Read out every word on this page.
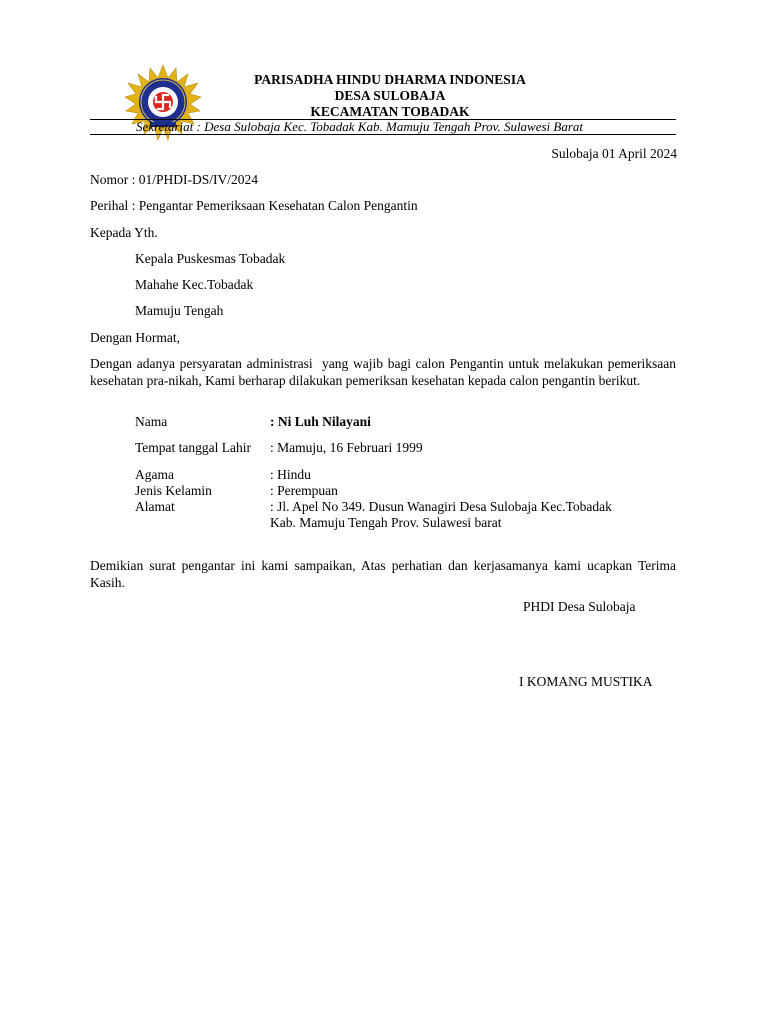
PARISADHA HINDU DHARMA INDONESIA
DESA SULOBAJA
KECAMATAN TOBADAK
Sekretariat : Desa Sulobaja Kec. Tobadak Kab. Mamuju Tengah Prov. Sulawesi Barat
Sulobaja 01 April 2024
Nomor : 01/PHDI-DS/IV/2024
Perihal : Pengantar Pemeriksaan Kesehatan Calon Pengantin
Kepada Yth.
Kepala Puskesmas Tobadak
Mahahe Kec.Tobadak
Mamuju Tengah
Dengan Hormat,
Dengan adanya persyaratan administrasi  yang wajib bagi calon Pengantin untuk melakukan pemeriksaan kesehatan pra-nikah, Kami berharap dilakukan pemeriksan kesehatan kepada calon pengantin berikut.
Nama	: Ni Luh Nilayani
Tempat tanggal Lahir : Mamuju, 16 Februari 1999
Agama	: Hindu
Jenis Kelamin	: Perempuan
Alamat	: Jl. Apel No 349. Dusun Wanagiri Desa Sulobaja Kec.Tobadak
Kab. Mamuju Tengah Prov. Sulawesi barat
Demikian surat pengantar ini kami sampaikan, Atas perhatian dan kerjasamanya kami ucapkan Terima Kasih.
PHDI Desa Sulobaja
I KOMANG MUSTIKA
